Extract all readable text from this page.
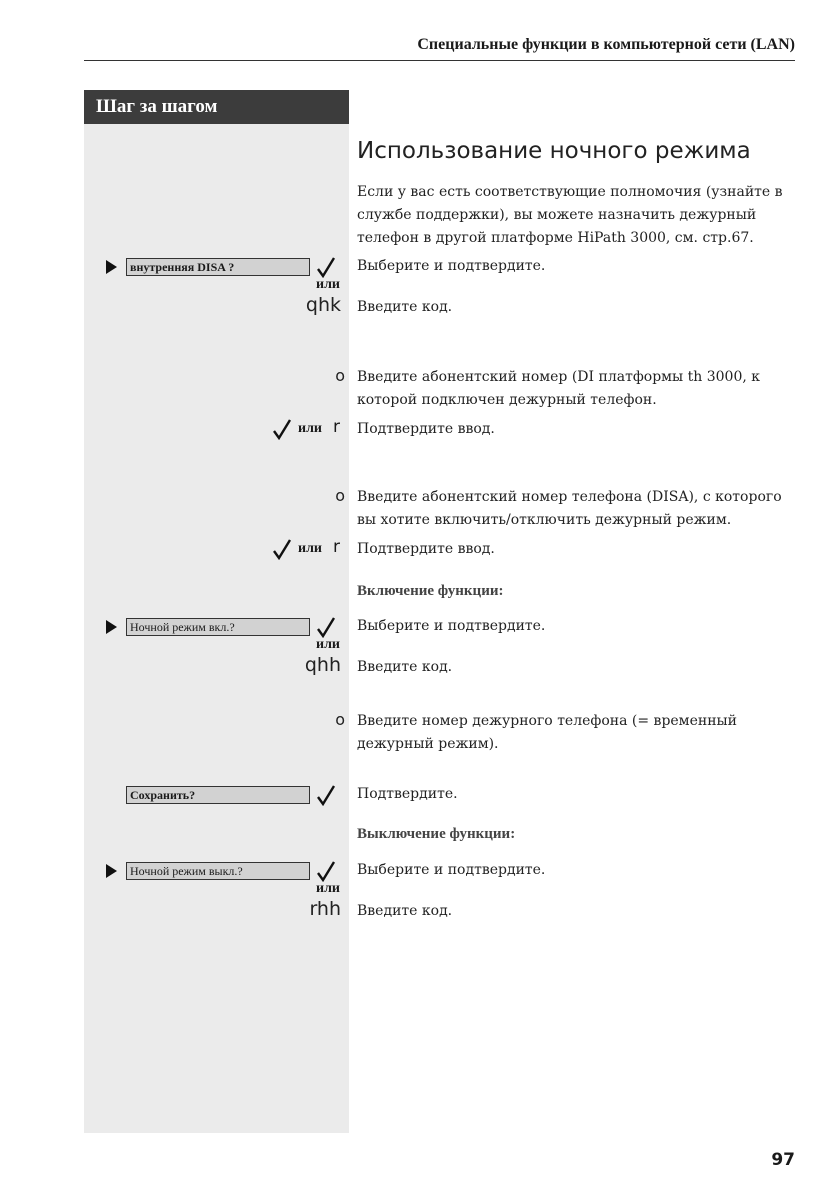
Специальные функции в компьютерной сети (LAN)
Шаг за шагом
Использование ночного режима

Если у вас есть соответствующие полномочия (узнайте в службе поддержки), вы можете назначить дежурный телефон в другой платформе HiPath 3000, см. стр.67.

внутренняя DISA ?	Выберите и подтвердите.

или
qhk Введите код.

o Введите абонентский номер (DI платформы th 3000, к которой подключен дежурный телефон.

или r Подтвердите ввод.

o Введите абонентский номер телефона (DISA), с которого вы хотите включить/отключить дежурный режим.

или r Подтвердите ввод.

Включение функции:
Ночной режим вкл.?	Выберите и подтвердите.

или
qhh Введите код.

o Введите номер дежурного телефона (= временный дежурный режим).

Сохранить?	Подтвердите.

Выключение функции:
Ночной режим выкл.?	Выберите и подтвердите.

или
rhh Введите код.

97
